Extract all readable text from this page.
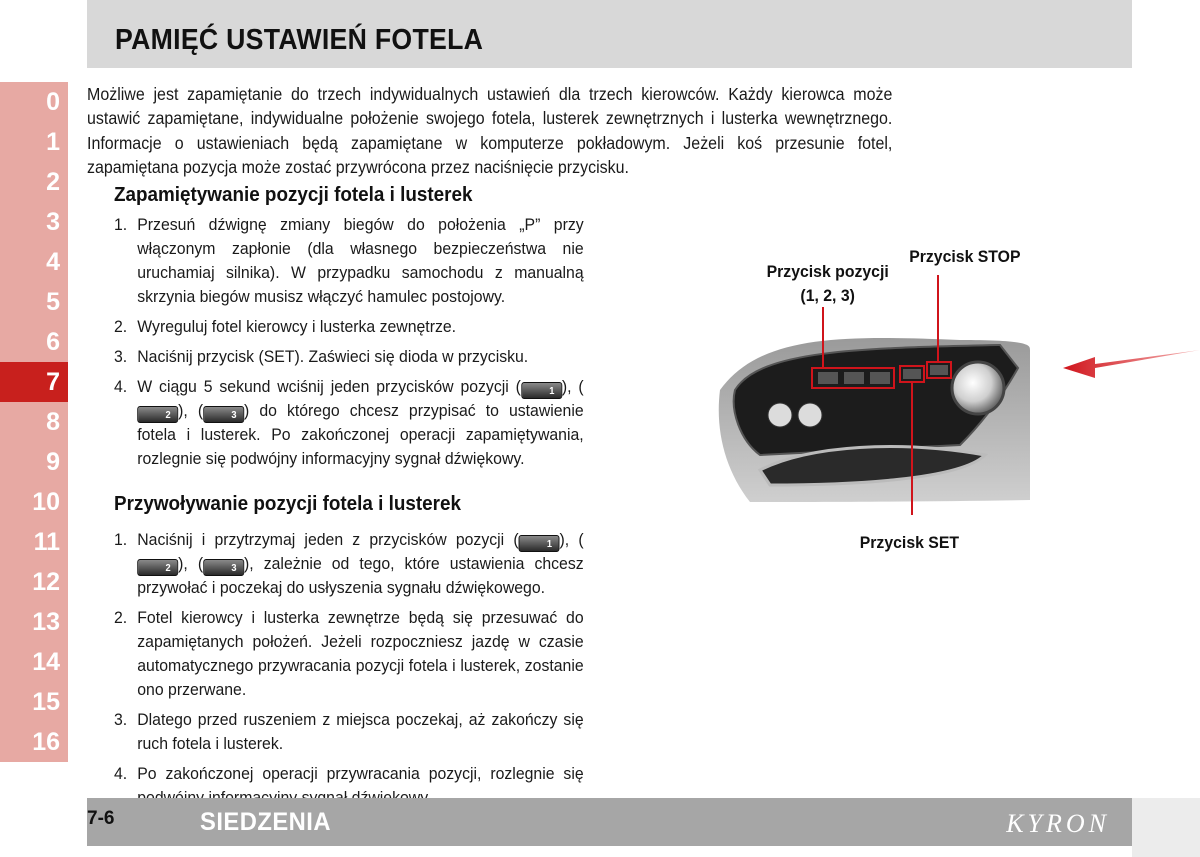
PAMIĘĆ USTAWIEŃ FOTELA
0
1
2
3
4
5
6
7
8
9
10
11
12
13
14
15
16

Możliwe jest zapamiętanie do trzech indywidualnych ustawień dla trzech kierowców. Każdy kierowca może ustawić zapamiętane, indywidualne położenie swojego fotela, lusterek zewnętrznych i lusterka wewnętrznego. Informacje o ustawieniach będą zapamiętane w komputerze pokładowym. Jeżeli koś przesunie fotel, zapamiętana pozycja może zostać przywrócona przez naciśnięcie przycisku.

Zapamiętywanie pozycji fotela i lusterek
1. Przesuń dźwignę zmiany biegów do położenia „P” przy włączonym zapłonie (dla własnego bezpieczeństwa nie uruchamiaj silnika). W przypadku samochodu z manualną skrzynia biegów musisz włączyć hamulec postojowy.
2. Wyreguluj fotel kierowcy i lusterka zewnętrze.
3. Naciśnij przycisk (SET). Zaświeci się dioda w przycisku.
4. W ciągu 5 sekund wciśnij jeden przycisków pozycji (	1 ), (2 ), (	3 ) do którego chcesz przypisać to ustawienie fotela i lusterek. Po zakończonej operacji zapamiętywania, rozlegnie się podwójny informacyjny sygnał dźwiękowy.
Przywoływanie pozycji fotela i lusterek
1. Naciśnij i przytrzymaj jeden z przycisków pozycji (	1 ), (2 ), (	3 ), zależnie od tego, które ustawienia chcesz przywołać i poczekaj do usłyszenia sygnału dźwiękowego.
2. Fotel kierowcy i lusterka zewnętrze będą się przesuwać do zapamiętanych położeń. Jeżeli rozpoczniesz jazdę w czasie automatycznego przywracania pozycji fotela i lusterek, zostanie ono przerwane.
3. Dlatego przed ruszeniem z miejsca poczekaj, aż zakończy się ruch fotela i lusterek.
4. Po zakończonej operacji przywracania pozycji, rozlegnie się
Przycisk pozycji
(1, 2, 3)
Przycisk STOP
Przycisk SET
7-6	SIEDZENIA	KYRON
